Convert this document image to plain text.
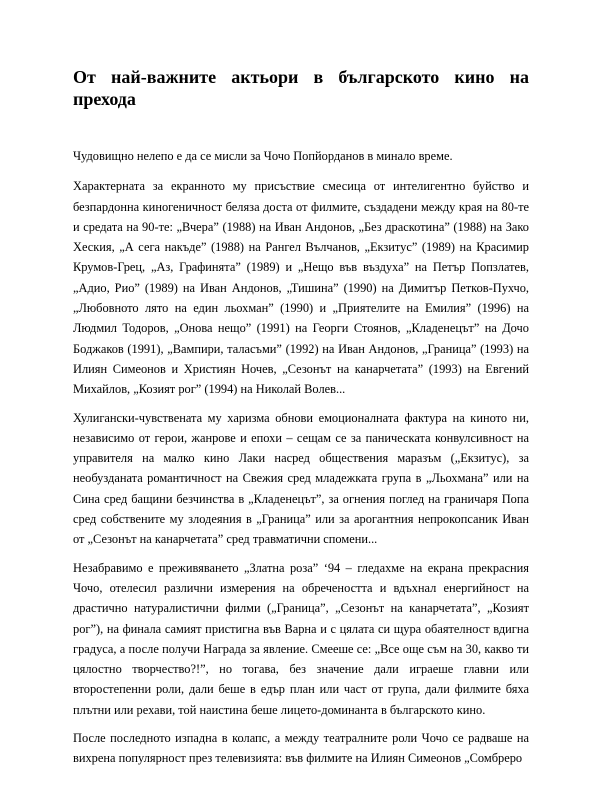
От най-важните актьори в българското кино на прехода

Чудовищно нелепо е да се мисли за Чочо Попйорданов в минало време.

Характерната за екранното му присъствие смесица от интелигентно буйство и безпардонна киногеничност беляза доста от филмите, създадени между края на 80-те и средата на 90-те: „Вчера” (1988) на Иван Андонов, „Без драскотина” (1988) на Зако Хеския, „А сега накъде” (1988) на Рангел Вълчанов, „Екзитус” (1989) на Красимир Крумов-Грец, „Аз, Графинята” (1989) и „Нещо във въздуха” на Петър Попзлатев, „Адио, Рио” (1989) на Иван Андонов, „Тишина” (1990) на Димитър Петков-Пухчо, „Любовното лято на един льохман” (1990) и „Приятелите на Емилия” (1996) на Людмил Тодоров, „Онова нещо” (1991) на Георги Стоянов, „Кладенецът” на Дочо Боджаков (1991), „Вампири, таласъми” (1992) на Иван Андонов, „Граница” (1993) на Илиян Симеонов и Християн Ночев, „Сезонът на канарчетата” (1993) на Евгений Михайлов, „Козият рог” (1994) на Николай Волев...

Хулигански-чувствената му харизма обнови емоционалната фактура на киното ни, независимо от герои, жанрове и епохи – сещам се за паническата конвулсивност на управителя на малко кино Лаки насред обществения маразъм („Екзитус), за необузданата романтичност на Свежия сред младежката група в „Льохмана” или на Сина сред бащини безчинства в „Кладенецът”, за огнения поглед на граничаря Попа сред собствените му злодеяния в „Граница” или за арогантния непрокопсаник Иван от „Сезонът на канарчетата” сред травматични спомени...

Незабравимо е преживяването „Златна роза” ‘94 – гледахме на екрана прекрасния Чочо, отелесил различни измерения на обречеността и вдъхнал енергийност на драстично натуралистични филми („Граница”, „Сезонът на канарчетата”, „Козият рог”), на финала самият пристигна във Варна и с цялата си щура обаятелност вдигна градуса, а после получи Награда за явление. Смееше се: „Все още съм на 30, какво ти цялостно творчество?!”, но тогава, без значение дали играеше главни или второстепенни роли, дали беше в едър план или част от група, дали филмите бяха плътни или рехави, той наистина беше лицето-доминанта в българското кино.

После последното изпадна в колапс, а между театралните роли Чочо се радваше на вихрена популярност през телевизията: във филмите на Илиян Симеонов „Сомбреро
